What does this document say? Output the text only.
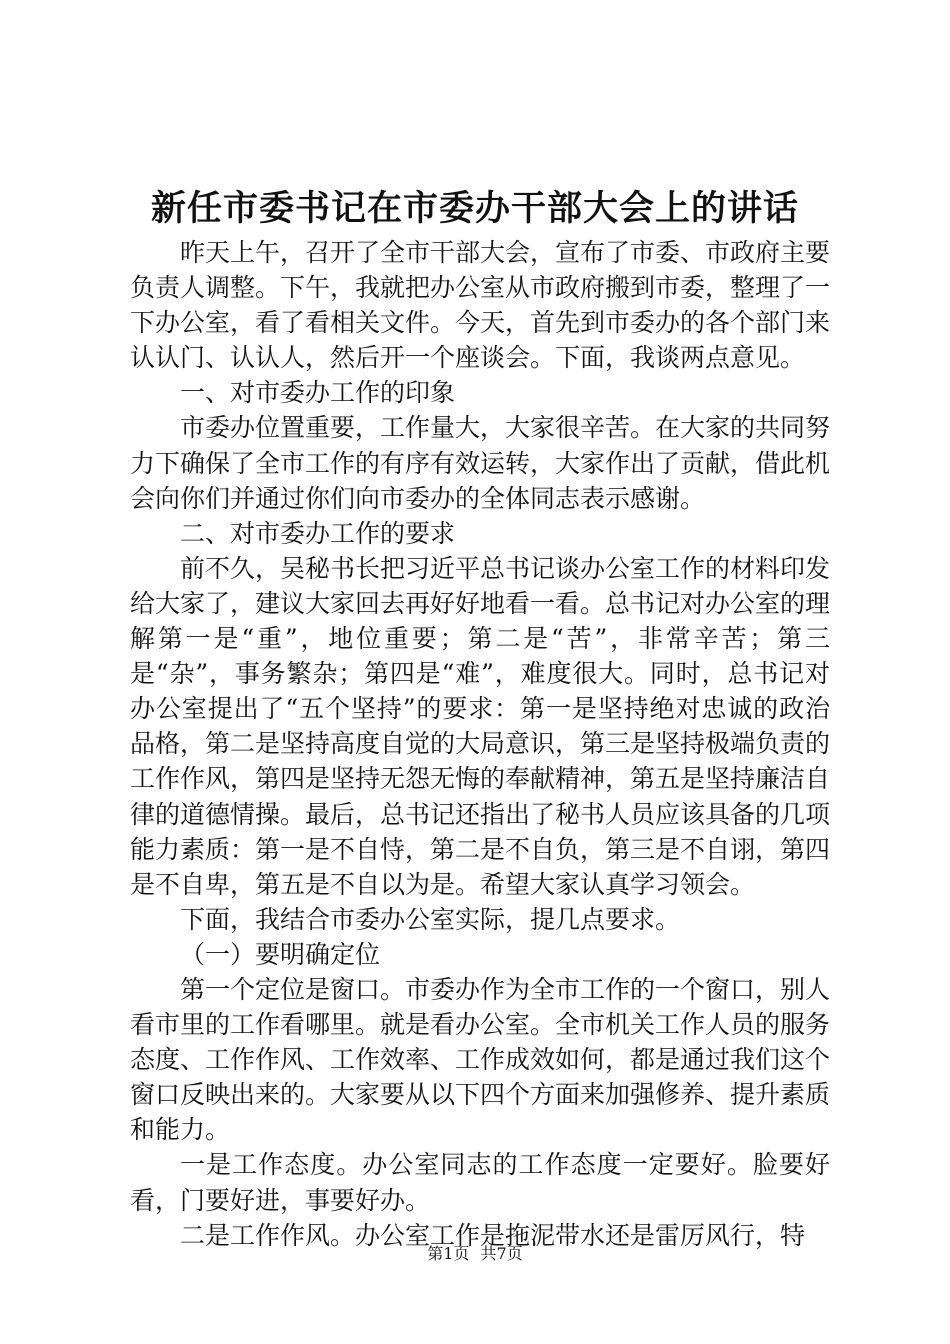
新任市委书记在市委办干部大会上的讲话

昨天上午，召开了全市干部大会，宣布了市委、市政府主要负责人调整。下午，我就把办公室从市政府搬到市委，整理了一下办公室，看了看相关文件。今天，首先到市委办的各个部门来认认门、认认人，然后开一个座谈会。下面，我谈两点意见。

一、对市委办工作的印象

市委办位置重要，工作量大，大家很辛苦。在大家的共同努力下确保了全市工作的有序有效运转，大家作出了贡献，借此机会向你们并通过你们向市委办的全体同志表示感谢。

二、对市委办工作的要求

前不久，吴秘书长把习近平总书记谈办公室工作的材料印发给大家了，建议大家回去再好好地看一看。总书记对办公室的理解第一是“重”，地位重要；第二是“苦”，非常辛苦；第三是“杂”，事务繁杂；第四是“难”，难度很大。同时，总书记对办公室提出了“五个坚持”的要求：第一是坚持绝对忠诚的政治品格，第二是坚持高度自觉的大局意识，第三是坚持极端负责的工作作风，第四是坚持无怨无悔的奉献精神，第五是坚持廉洁自律的道德情操。最后，总书记还指出了秘书人员应该具备的几项能力素质：第一是不自恃，第二是不自负，第三是不自诩，第四是不自卑，第五是不自以为是。希望大家认真学习领会。

下面，我结合市委办公室实际，提几点要求。

（一）要明确定位

第一个定位是窗口。市委办作为全市工作的一个窗口，别人看市里的工作看哪里。就是看办公室。全市机关工作人员的服务态度、工作作风、工作效率、工作成效如何，都是通过我们这个窗口反映出来的。大家要从以下四个方面来加强修养、提升素质和能力。

一是工作态度。办公室同志的工作态度一定要好。脸要好看，门要好进，事要好办。

二是工作作风。办公室工作是拖泥带水还是雷厉风行，特

第1页 共7页
